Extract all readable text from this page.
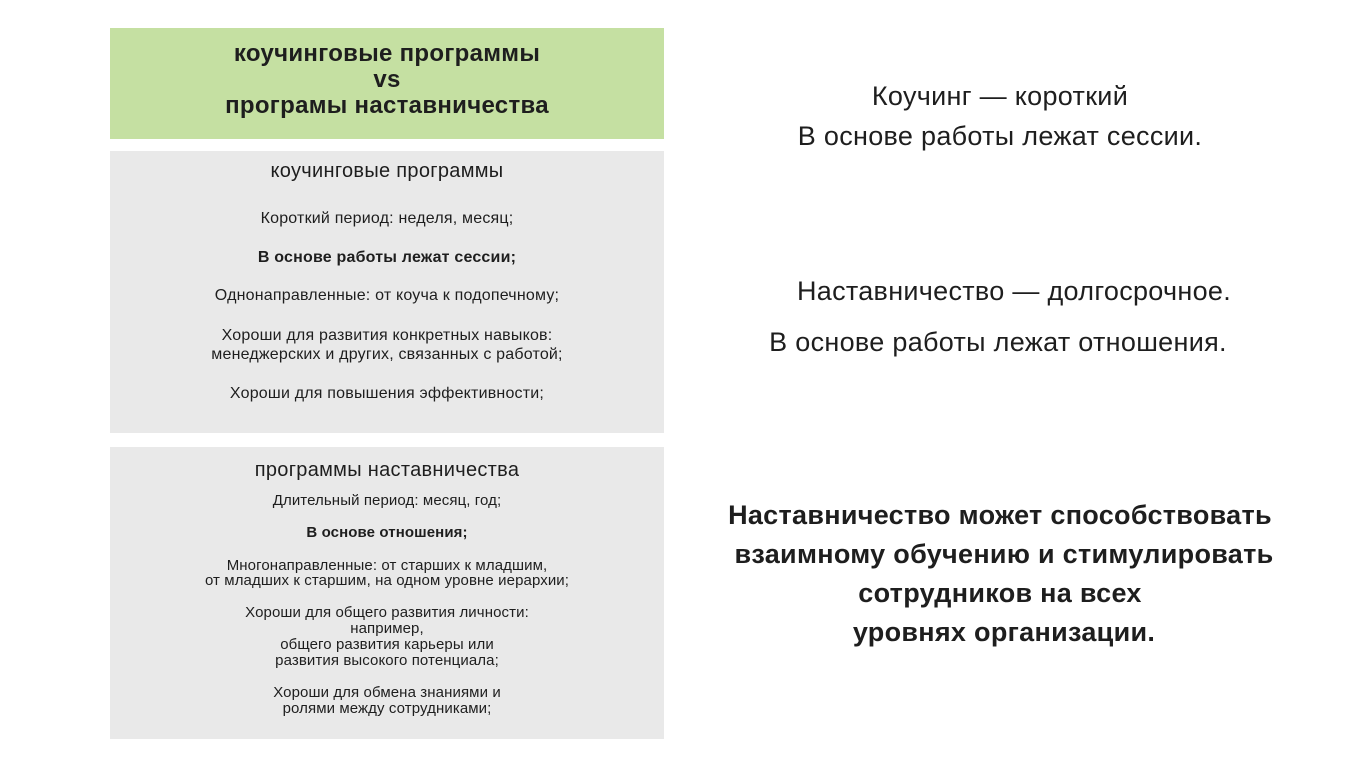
коучинговые программы
vs
програмы наставничества
коучинговые программы
Короткий период: неделя, месяц;
В основе работы лежат сессии;
Однонаправленные: от коуча к подопечному;
Хороши для развития конкретных навыков:
менеджерских и других, связанных с работой;
Хороши для повышения эффективности;
программы наставничества
Длительный период: месяц, год;
В основе отношения;
Многонаправленные: от старших к младшим,
от младших к старшим, на одном уровне иерархии;
Хороши для общего развития личности:
например,
общего развития карьеры или
развития высокого потенциала;
Хороши для обмена знаниями и
ролями между сотрудниками;
Коучинг — короткий
В основе работы лежат сессии.
Наставничество — долгосрочное.
В основе работы лежат отношения.
Наставничество может способствовать
взаимному обучению и стимулировать
сотрудников на всех
уровнях организации.
